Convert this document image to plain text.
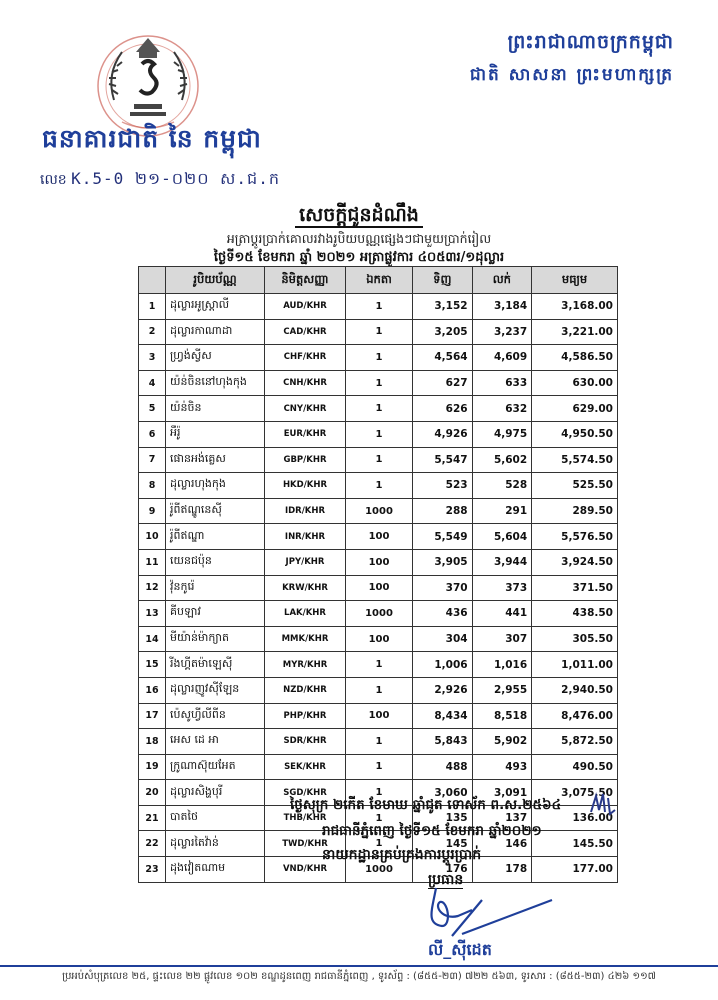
ព្រះរាជាណាចក្រកម្ពុជា
ជាតិ សាសនា ព្រះមហាក្សត្រ
ធនាគារជាតិ នៃ កម្ពុជា
លេខ K.5-0 ២១-០២០ ស.ជ.ក
សេចក្ដីជូនដំណឹង
អត្រាប្ដូរប្រាក់គោលរវាងរូបិយបណ្ណផ្សេងៗជាមួយប្រាក់រៀល
ថ្ងៃទី១៥ ខែមករា ឆ្នាំ ២០២១ អត្រាផ្លូវការ ៤០៥៣រ/១ដុល្លារ
	រូបិយប័ណ្ណ	និមិត្តសញ្ញា	ឯកតា	ទិញ	លក់	មធ្យម
1	ដុល្លារអូស្ត្រាលី	AUD/KHR	1	3,152	3,184	3,168.00
2	ដុល្លារកាណាដា	CAD/KHR	1	3,205	3,237	3,221.00
3	ហ្វ្រង់ស្វីស	CHF/KHR	1	4,564	4,609	4,586.50
4	យ៉ន់ចិននៅហុងកុង	CNH/KHR	1	627	633	630.00
5	យ៉ន់ចិន	CNY/KHR	1	626	632	629.00
6	អឺរ៉ូ	EUR/KHR	1	4,926	4,975	4,950.50
7	ផោនអង់គ្លេស	GBP/KHR	1	5,547	5,602	5,574.50
8	ដុល្លារហុងកុង	HKD/KHR	1	523	528	525.50
9	រ៉ូពីឥណ្ឌូនេស៊ី	IDR/KHR	1000	288	291	289.50
10	រ៉ូពីឥណ្ឌា	INR/KHR	100	5,549	5,604	5,576.50
11	យេនជប៉ុន	JPY/KHR	100	3,905	3,944	3,924.50
12	វ៉ុនកូរ៉េ	KRW/KHR	100	370	373	371.50
13	គីបឡាវ	LAK/KHR	1000	436	441	438.50
14	មីយ៉ាន់ម៉ាក្យាត	MMK/KHR	100	304	307	305.50
15	រីងហ្គីតម៉ាឡេស៊ី	MYR/KHR	1	1,006	1,016	1,011.00
16	ដុល្លារញូវស៊ីឡែន	NZD/KHR	1	2,926	2,955	2,940.50
17	ប៉េសូហ្វីលីពីន	PHP/KHR	100	8,434	8,518	8,476.00
18	អេស ដេ អា	SDR/KHR	1	5,843	5,902	5,872.50
19	ក្រូណាស៊ុយអែត	SEK/KHR	1	488	493	490.50
20	ដុល្លារសិង្ហបុរី	SGD/KHR	1	3,060	3,091	3,075.50
21	បាតថៃ	THB/KHR	1	135	137	136.00
22	ដុល្លារតៃវ៉ាន់	TWD/KHR	1	145	146	145.50
23	ដុងវៀតណាម	VND/KHR	1000	176	178	177.00
ថ្ងៃសុក្រ ២កើត ខែមាឃ ឆ្នាំជូត ទោស័ក ព.ស.២៥៦៤
រាជធានីភ្នំពេញ ថ្ងៃទី១៥ ខែមករា ឆ្នាំ២០២១
នាយកដ្ឋានគ្រប់គ្រងការប្ដូរប្រាក់
ប្រធាន
លី_ស៊ីដេត
ប្រអប់សំបុត្រលេខ ២៥, ផ្ទះលេខ ២២ ផ្លូវលេខ ១០២ ខណ្ឌដូនពេញ រាជធានីភ្នំពេញ , ទូរស័ព្ទ : (៨៥៥-២៣) ៧២២ ៥៦៣, ទូរសារ : (៨៥៥-២៣) ៤២៦ ១១៧
